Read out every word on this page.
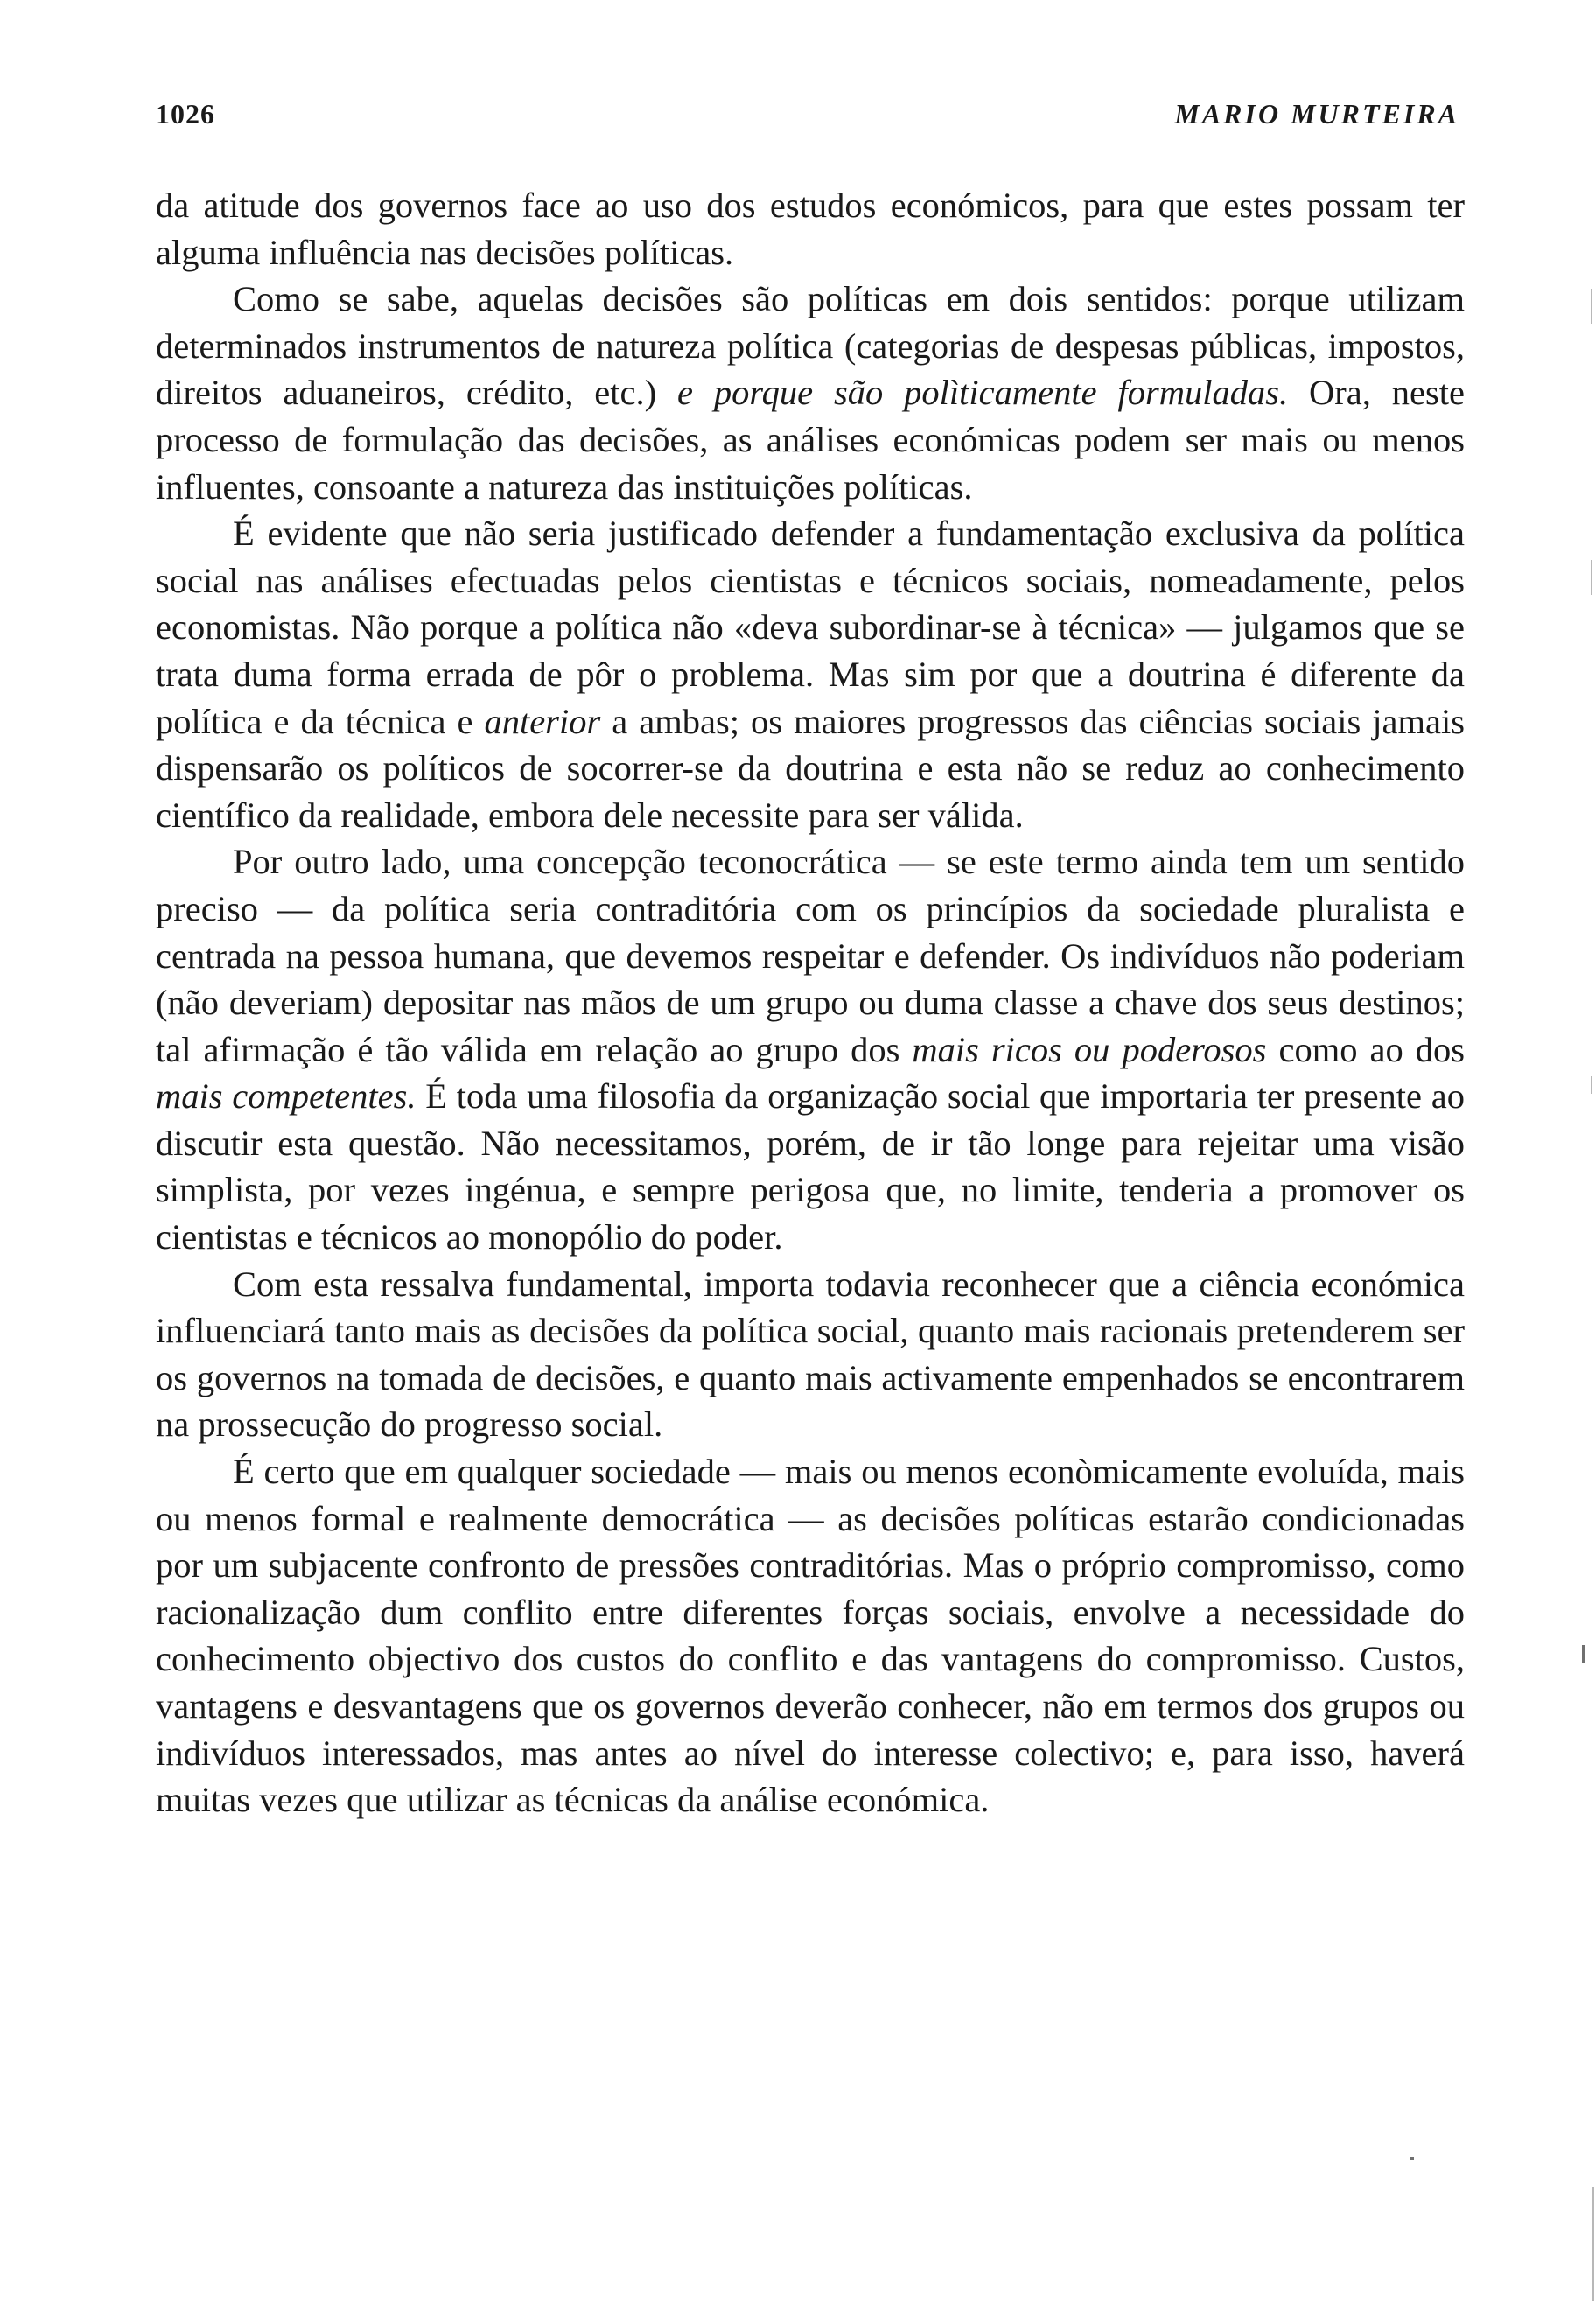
1026	MARIO MURTEIRA

da atitude dos governos face ao uso dos estudos económicos, para que estes possam ter alguma influência nas decisões políticas.

Como se sabe, aquelas decisões são políticas em dois sentidos: porque utilizam determinados instrumentos de natureza política (categorias de despesas públicas, impostos, direitos aduaneiros, crédito, etc.) e porque são polìticamente formuladas. Ora, neste processo de formulação das decisões, as análises económicas podem ser mais ou menos influentes, consoante a natureza das instituições políticas.

É evidente que não seria justificado defender a fundamentação exclusiva da política social nas análises efectuadas pelos cientistas e técnicos sociais, nomeadamente, pelos economistas. Não porque a política não «deva subordinar-se à técnica» — julgamos que se trata duma forma errada de pôr o problema. Mas sim por que a doutrina é diferente da política e da técnica e anterior a ambas; os maiores progressos das ciências sociais jamais dispensarão os políticos de socorrer-se da doutrina e esta não se reduz ao conhecimento científico da realidade, embora dele necessite para ser válida.

Por outro lado, uma concepção teconocrática — se este termo ainda tem um sentido preciso — da política seria contraditória com os princípios da sociedade pluralista e centrada na pessoa humana, que devemos respeitar e defender. Os indivíduos não poderiam (não deveriam) depositar nas mãos de um grupo ou duma classe a chave dos seus destinos; tal afirmação é tão válida em relação ao grupo dos mais ricos ou poderosos como ao dos mais competentes. É toda uma filosofia da organização social que importaria ter presente ao discutir esta questão. Não necessitamos, porém, de ir tão longe para rejeitar uma visão simplista, por vezes ingénua, e sempre perigosa que, no limite, tenderia a promover os cientistas e técnicos ao monopólio do poder.

Com esta ressalva fundamental, importa todavia reconhecer que a ciência económica influenciará tanto mais as decisões da política social, quanto mais racionais pretenderem ser os governos na tomada de decisões, e quanto mais activamente empenhados se encontrarem na prossecução do progresso social.

É certo que em qualquer sociedade — mais ou menos econòmicamente evoluída, mais ou menos formal e realmente democrática — as decisões políticas estarão condicionadas por um subjacente confronto de pressões contraditórias. Mas o próprio compromisso, como racionalização dum conflito entre diferentes forças sociais, envolve a necessidade do conhecimento objectivo dos custos do conflito e das vantagens do compromisso. Custos, vantagens e desvantagens que os governos deverão conhecer, não em termos dos grupos ou indivíduos interessados, mas antes ao nível do interesse colectivo; e, para isso, haverá muitas vezes que utilizar as técnicas da análise económica.
